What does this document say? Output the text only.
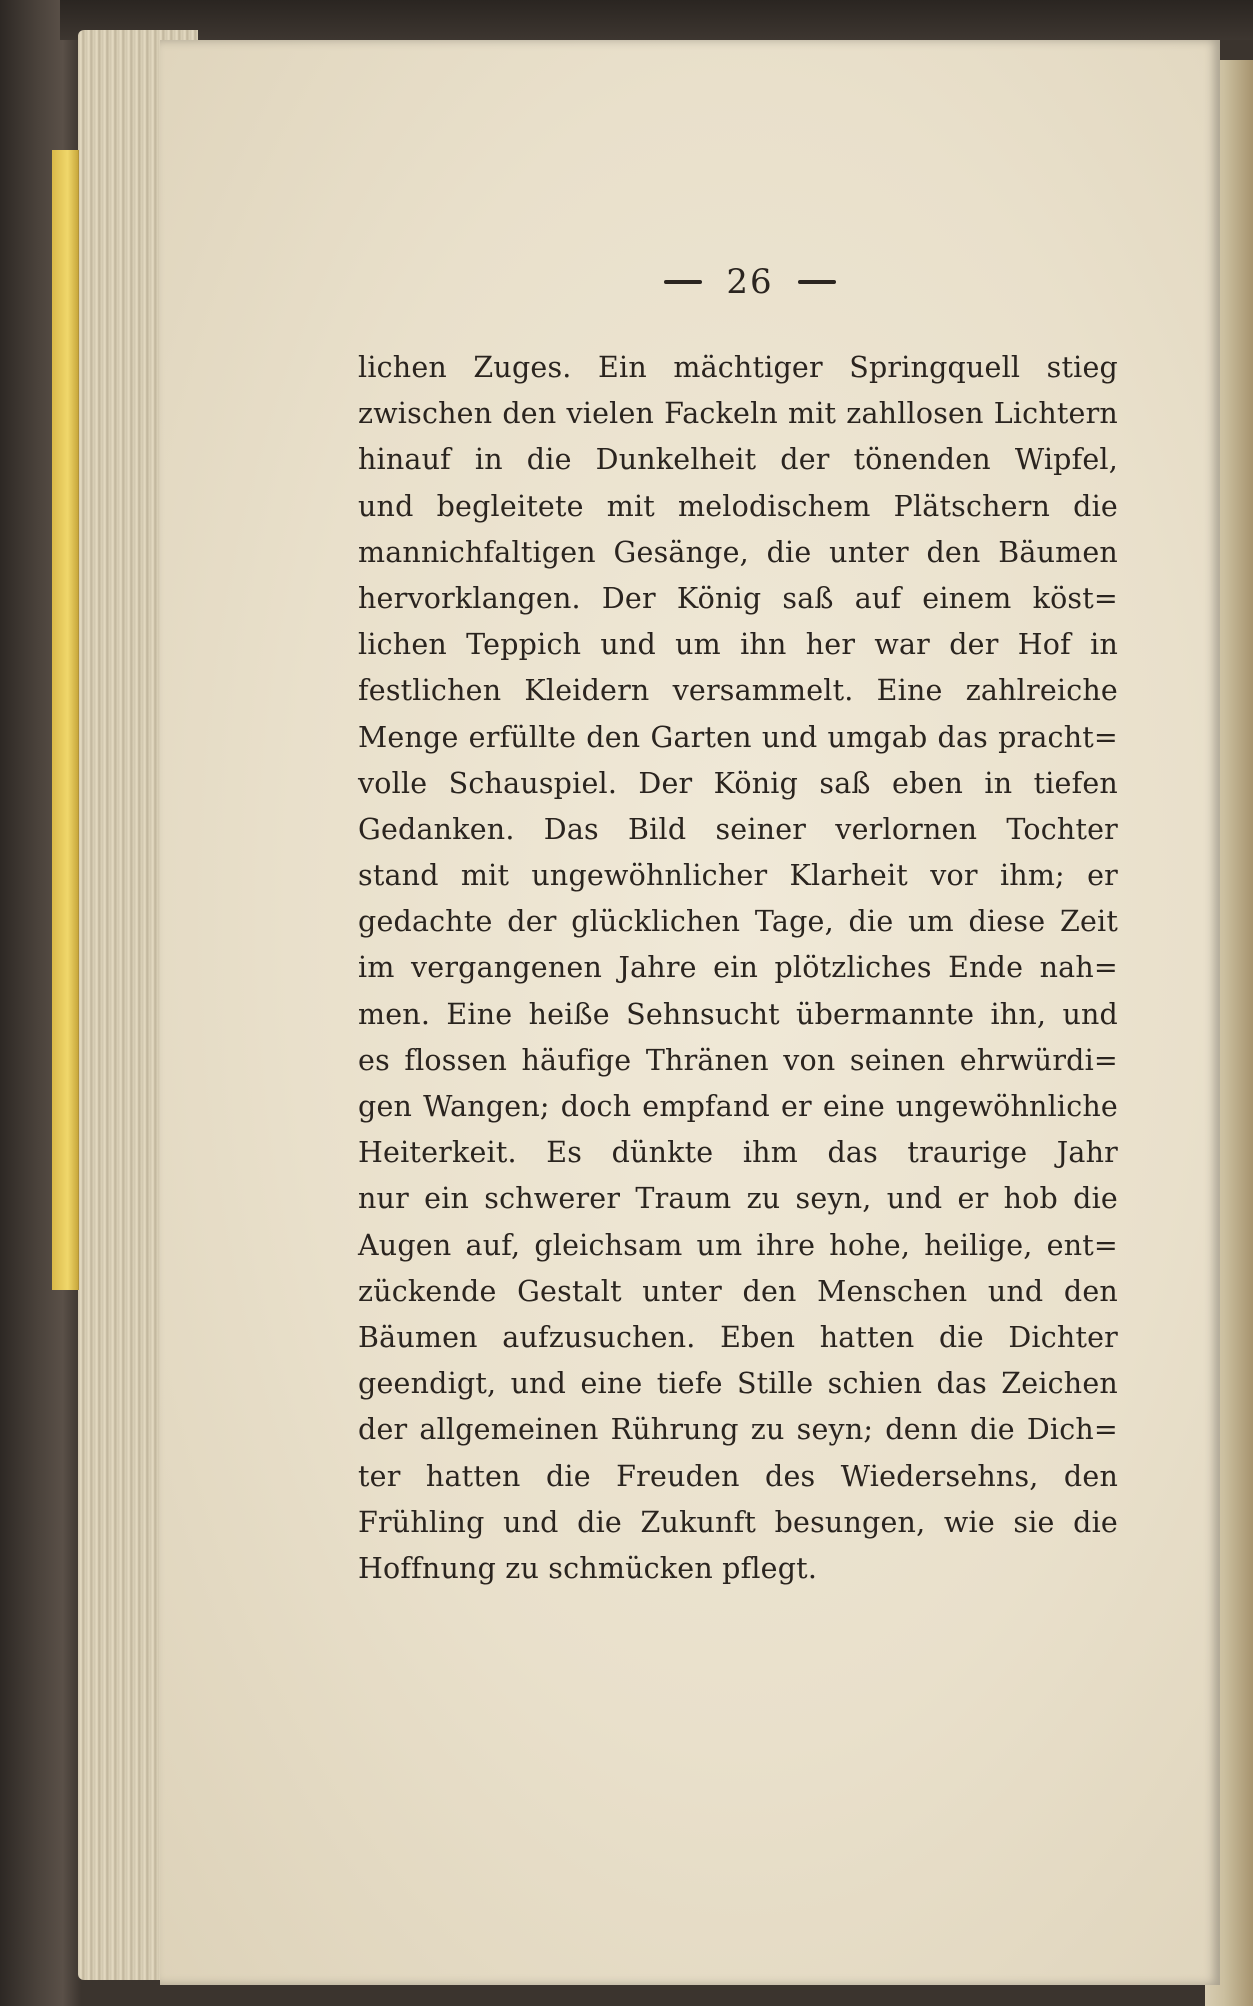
26
lichen Zuges. Ein mächtiger Springquell stieg
zwischen den vielen Fackeln mit zahllosen Lichtern
hinauf in die Dunkelheit der tönenden Wipfel,
und begleitete mit melodischem Plätschern die
mannichfaltigen Gesänge, die unter den Bäumen
hervorklangen. Der König saß auf einem köst=
lichen Teppich und um ihn her war der Hof in
festlichen Kleidern versammelt. Eine zahlreiche
Menge erfüllte den Garten und umgab das pracht=
volle Schauspiel. Der König saß eben in tiefen
Gedanken. Das Bild seiner verlornen Tochter
stand mit ungewöhnlicher Klarheit vor ihm; er
gedachte der glücklichen Tage, die um diese Zeit
im vergangenen Jahre ein plötzliches Ende nah=
men. Eine heiße Sehnsucht übermannte ihn, und
es flossen häufige Thränen von seinen ehrwürdi=
gen Wangen; doch empfand er eine ungewöhnliche
Heiterkeit. Es dünkte ihm das traurige Jahr
nur ein schwerer Traum zu seyn, und er hob die
Augen auf, gleichsam um ihre hohe, heilige, ent=
zückende Gestalt unter den Menschen und den
Bäumen aufzusuchen. Eben hatten die Dichter
geendigt, und eine tiefe Stille schien das Zeichen
der allgemeinen Rührung zu seyn; denn die Dich=
ter hatten die Freuden des Wiedersehns, den
Frühling und die Zukunft besungen, wie sie die
Hoffnung zu schmücken pflegt.
